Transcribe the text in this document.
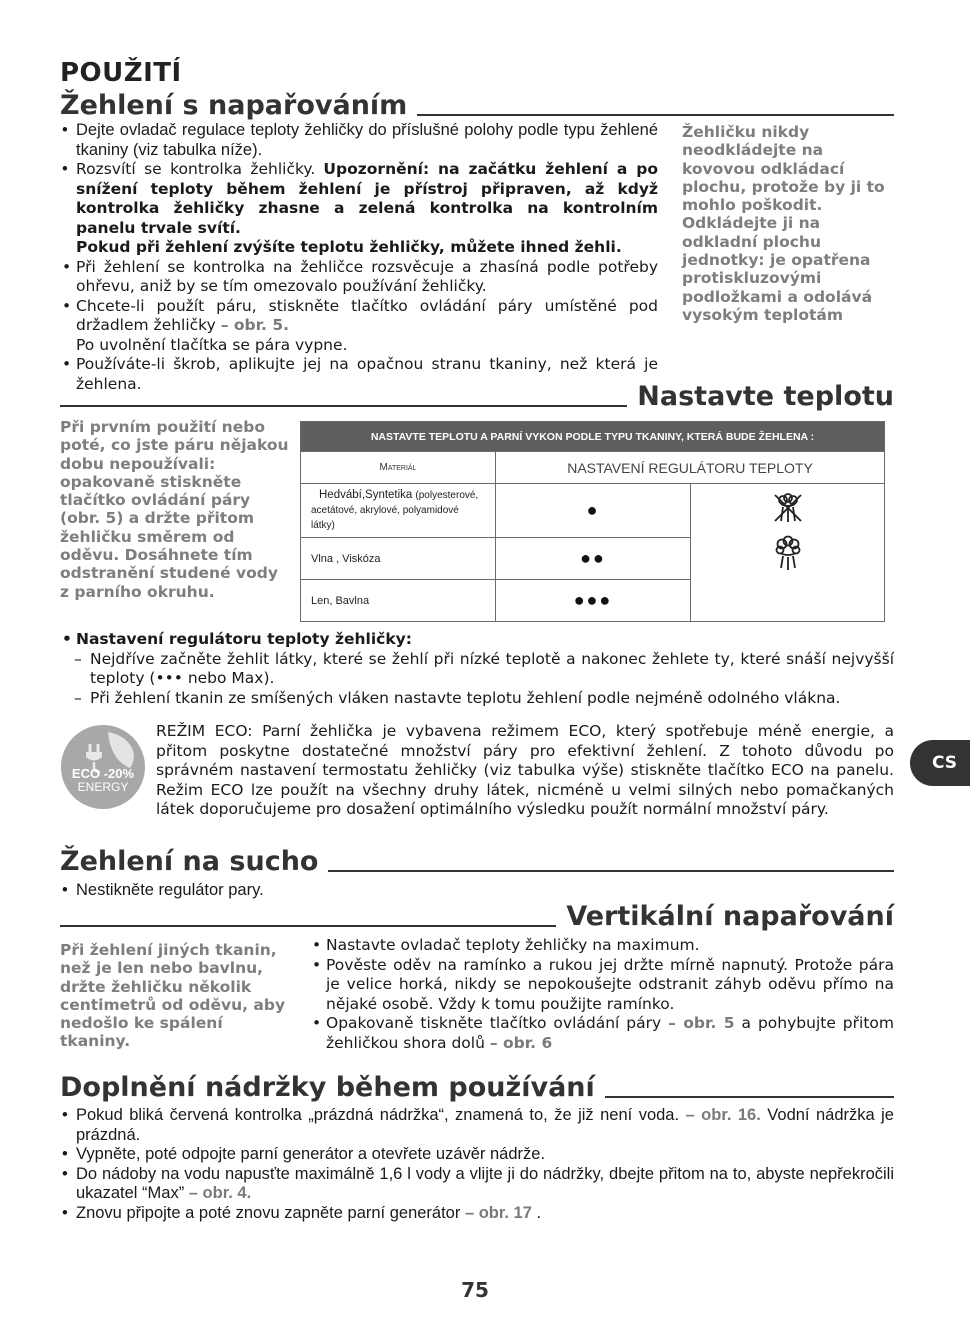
POUŽITÍ
Žehlení s napařováním
• Dejte ovladač regulace teploty žehličky do příslušné polohy podle typu žehlené tkaniny (viz tabulka níže).
• Rozsvítí se kontrolka žehličky. Upozornění: na začátku žehlení a po snížení teploty během žehlení je přístroj připraven, až když kontrolka žehličky zhasne a zelená kontrolka na kontrolním panelu trvale svítí.
Pokud při žehlení zvýšíte teplotu žehličky, můžete ihned žehli.
• Při žehlení se kontrolka na žehličce rozsvěcuje a zhasíná podle potřeby ohřevu, aniž by se tím omezovalo používání žehličky.
• Chcete-li použít páru, stiskněte tlačítko ovládání páry umístěné pod držadlem žehličky – obr. 5.
Po uvolnění tlačítka se pára vypne.
• Používáte-li škrob, aplikujte jej na opačnou stranu tkaniny, než která je žehlena.
Žehličku nikdy neodkládejte na kovovou odkládací plochu, protože by ji to mohlo poškodit. Odkládejte ji na odkladní plochu jednotky: je opatřena protiskluzovými podložkami a odolává vysokým teplotám
Nastavte teplotu
Při prvním použití nebo poté, co jste páru nějakou dobu nepoužívali: opakovaně stiskněte tlačítko ovládání páry (obr. 5) a držte přitom žehličku směrem od oděvu. Dosáhnete tím odstranění studené vody z parního okruhu.
NASTAVTE TEPLOTU A PARNÍ VYKON PODLE TYPU TKANINY, KTERÁ BUDE ŽEHLENA :		
Materiál	NASTAVENÍ REGULÁTORU TEPLOTY	
Hedvábí,Syntetika (polyesterové, acetátové, akrylové, polyamidové látky)	●	
Vlna , Viskóza	●●	
Len, Bavlna	●●●	
• Nastavení regulátoru teploty žehličky:
– Nejdříve začněte žehlit látky, které se žehlí při nízké teplotě a nakonec žehlete ty, které snáší nejvyšší teploty (••• nebo Max).
– Při žehlení tkanin ze smíšených vláken nastavte teplotu žehlení podle nejméně odolného vlákna.
ECO -20%
ENERGY
REŽIM ECO: Parní žehlička je vybavena režimem ECO, který spotřebuje méně energie, a přitom poskytne dostatečné množství páry pro efektivní žehlení. Z tohoto důvodu po správném nastavení termostatu žehličky (viz tabulka výše) stiskněte tlačítko ECO na panelu. Režim ECO lze použít na všechny druhy látek, nicméně u velmi silných nebo pomačkaných látek doporučujeme pro dosažení optimálního výsledku použít normální množství páry.
Žehlení na sucho
• Nestikněte regulátor pary.
Vertikální napařování
Při žehlení jiných tkanin, než je len nebo bavlnu, držte žehličku několik centimetrů od oděvu, aby nedošlo ke spálení tkaniny.
• Nastavte ovladač teploty žehličky na maximum.
• Pověste oděv na ramínko a rukou jej držte mírně napnutý. Protože pára je velice horká, nikdy se nepokoušejte odstranit záhyb oděvu přímo na nějaké osobě. Vždy k tomu použijte ramínko.
• Opakovaně tiskněte tlačítko ovládání páry – obr. 5 a pohybujte přitom žehličkou shora dolů – obr. 6
Doplnění nádržky během používání
• Pokud bliká červená kontrolka „prázdná nádržka“, znamená to, že již není voda. – obr. 16. Vodní nádržka je prázdná.
• Vypněte, poté odpojte parní generátor a otevřete uzávěr nádrže.
• Do nádoby na vodu napusťte maximálně 1,6 l vody a vlijte ji do nádržky, dbejte přitom na to, abyste nepřekročili ukazatel “Max” – obr. 4.
• Znovu připojte a poté znovu zapněte parní generátor – obr. 17 .
CS
75
